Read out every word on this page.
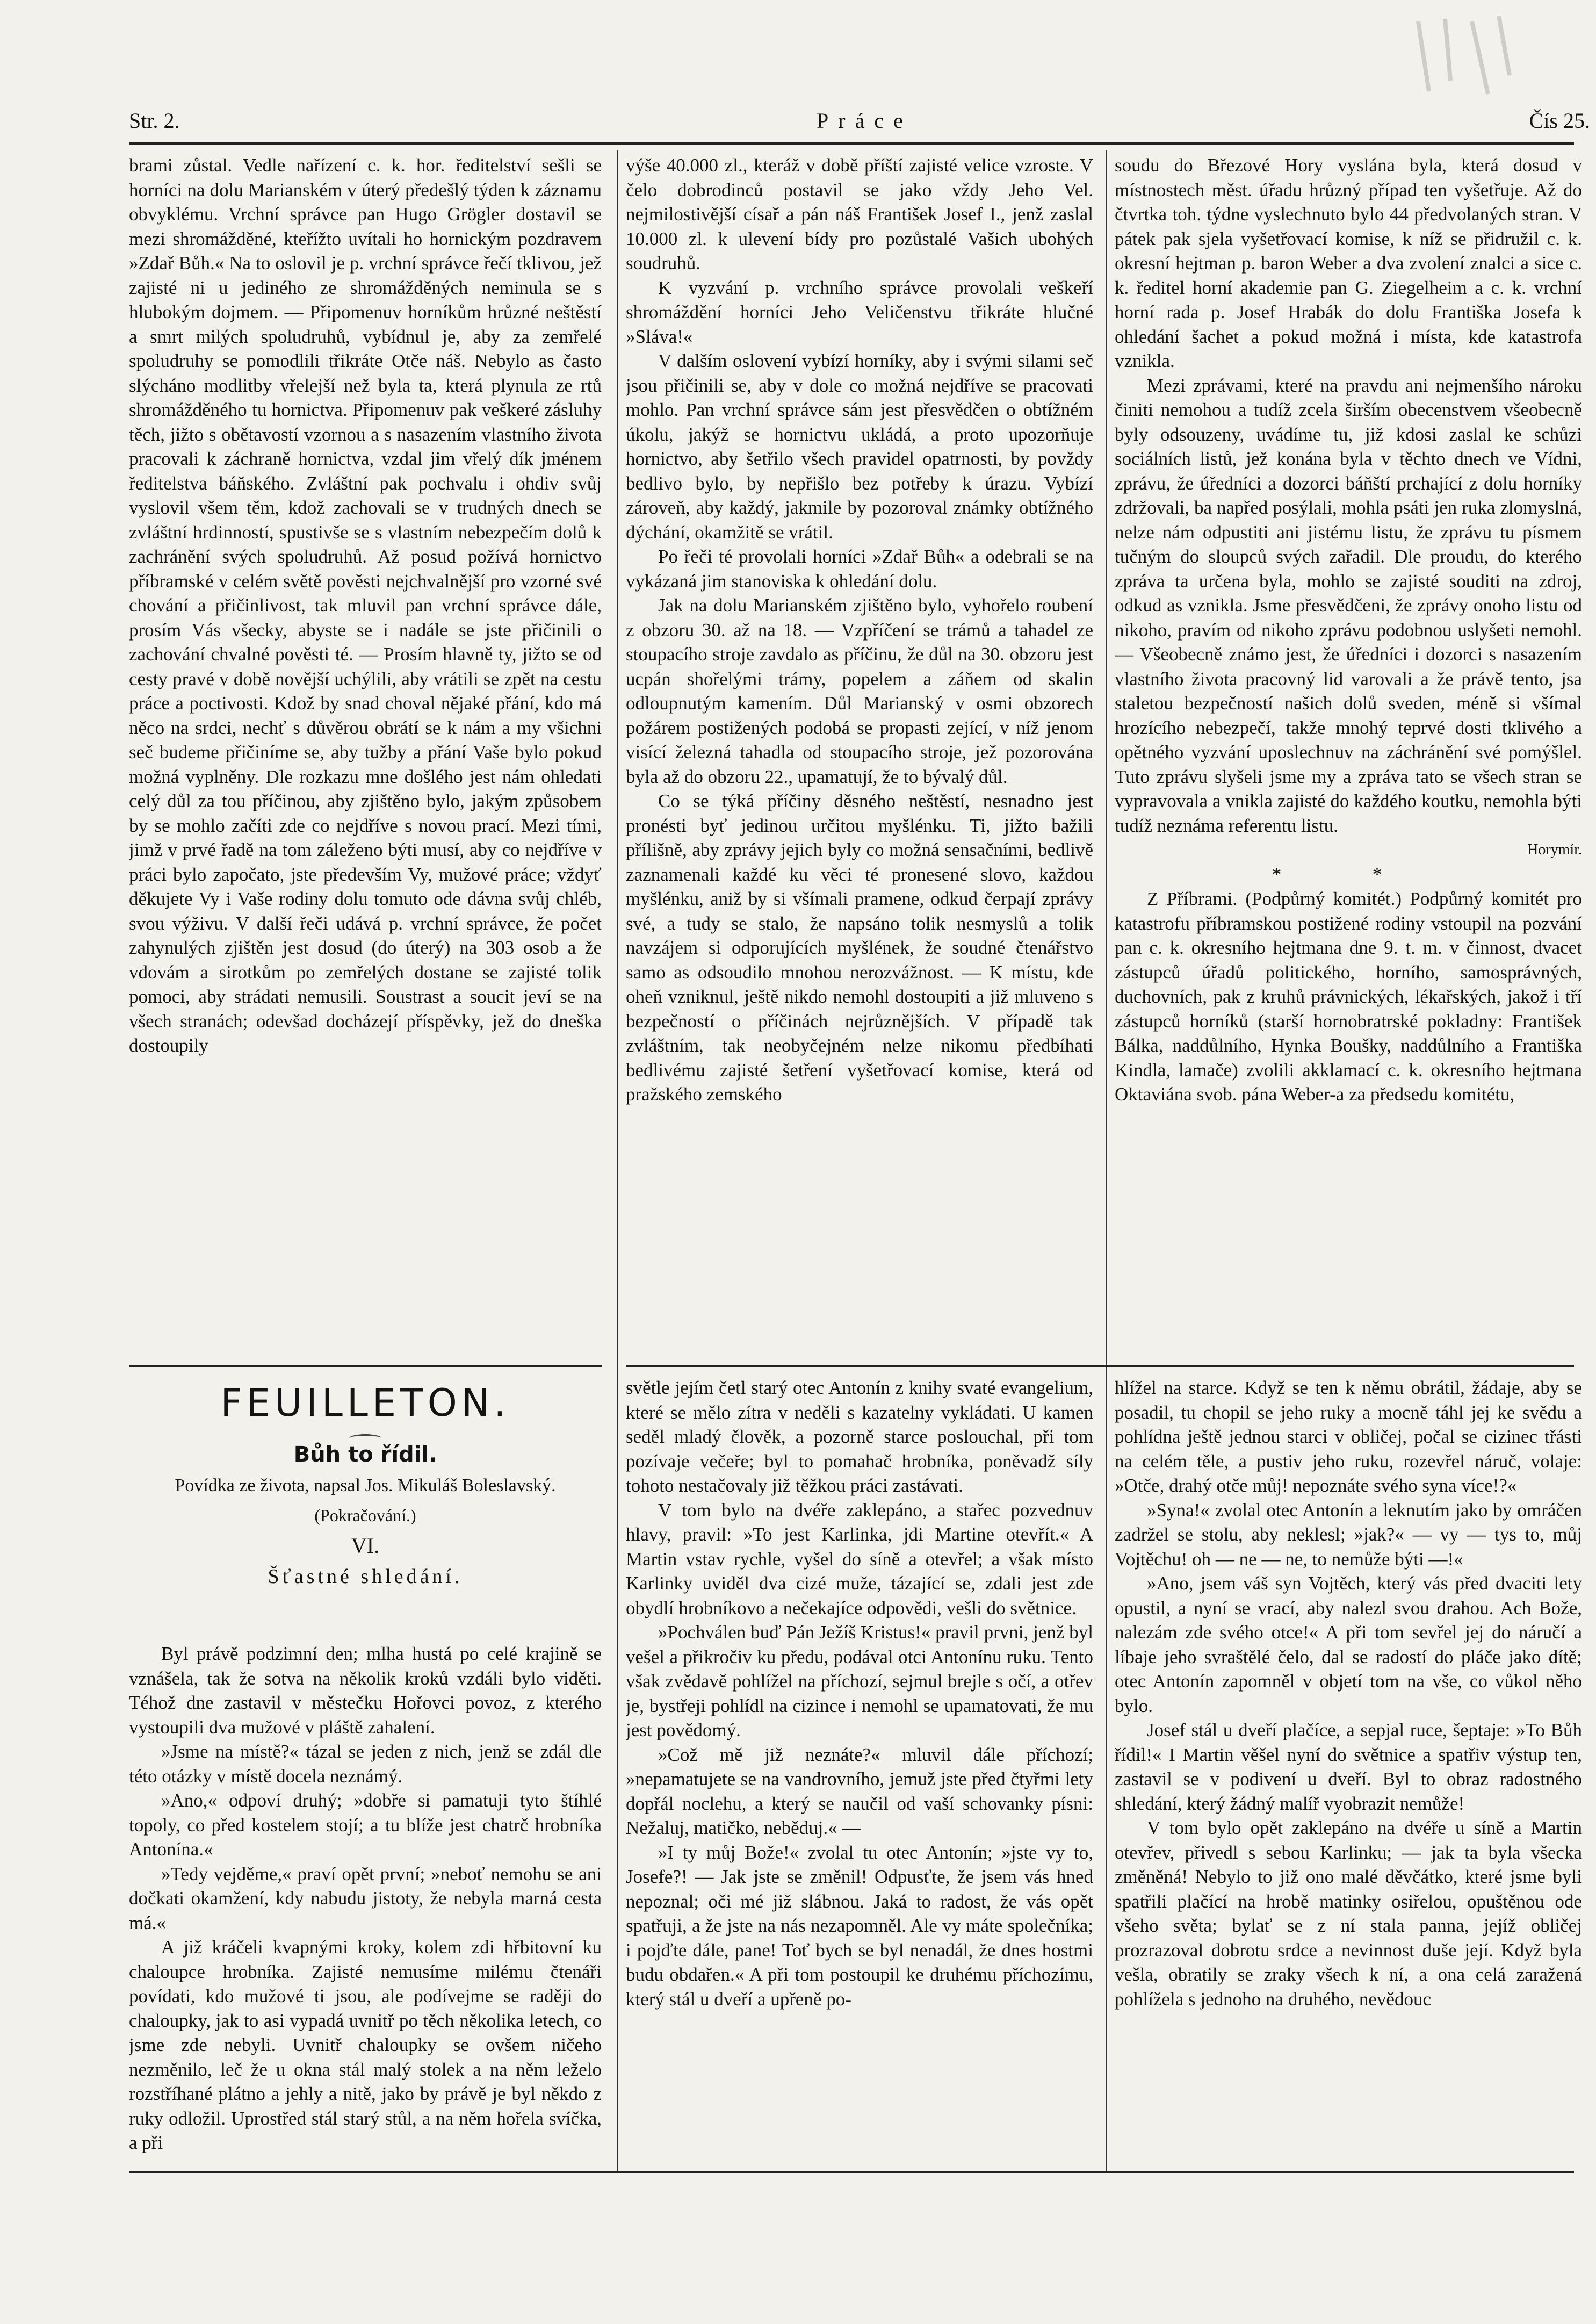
Str. 2.	Práce	Čís 25.

brami zůstal. Vedle nařízení c. k. hor. ředitelství sešli se horníci na dolu Marianském v úterý předešlý týden k záznamu obvyklému. Vrchní správce pan Hugo Grögler dostavil se mezi shromážděné, kteřížto uvítali ho hornickým pozdravem »Zdař Bůh.« Na to oslovil je p. vrchní správce řečí tklivou, jež zajisté ni u jediného ze shromážděných neminula se s hlubokým dojmem. — Připomenuv horníkům hrůzné neštěstí a smrt milých spoludruhů, vybídnul je, aby za zemřelé spoludruhy se pomodlili třikráte Otče náš. Nebylo as často slýcháno modlitby vřelejší než byla ta, která plynula ze rtů shromážděného tu hornictva. Připomenuv pak veškeré zásluhy těch, jižto s obětavostí vzornou a s nasazením vlastního života pracovali k záchraně hornictva, vzdal jim vřelý dík jménem ředitelstva báňského. Zvláštní pak pochvalu i ohdiv svůj vyslovil všem těm, kdož zachovali se v trudných dnech se zvláštní hrdinností, spustivše se s vlastním nebezpečím dolů k zachránění svých spoludruhů. Až posud požívá hornictvo příbramské v celém světě pověsti nejchvalnější pro vzorné své chování a přičinlivost, tak mluvil pan vrchní správce dále, prosím Vás všecky, abyste se i nadále se jste přičinili o zachování chvalné pověsti té. — Prosím hlavně ty, jižto se od cesty pravé v době novější uchýlili, aby vrátili se zpět na cestu práce a poctivosti. Kdož by snad choval nějaké přání, kdo má něco na srdci, nechť s důvěrou obrátí se k nám a my všichni seč budeme přičiníme se, aby tužby a přání Vaše bylo pokud možná vyplněny. Dle rozkazu mne došlého jest nám ohledati celý důl za tou příčinou, aby zjištěno bylo, jakým způsobem by se mohlo začíti zde co nejdříve s novou prací. Mezi tími, jimž v prvé řadě na tom záleženo býti musí, aby co nejdříve v práci bylo započato, jste především Vy, mužové práce; vždyť děkujete Vy i Vaše rodiny dolu tomuto ode dávna svůj chléb, svou výživu. V další řeči udává p. vrchní správce, že počet zahynulých zjištěn jest dosud (do úterý) na 303 osob a že vdovám a sirotkům po zemřelých dostane se zajisté tolik pomoci, aby strádati nemusili. Soustrast a soucit jeví se na všech stranách; odevšad docházejí příspěvky, jež do dneška dostoupily

FEUILLETON.
Bůh to řídil.
Povídka ze života, napsal Jos. Mikuláš Boleslavský.
(Pokračování.)
VI.
Šťastné shledání.

Byl právě podzimní den; mlha hustá po celé krajině se vznášela, tak že sotva na několik kroků vzdáli bylo viděti. Téhož dne zastavil v městečku Hořovci povoz, z kterého vystoupili dva mužové v pláště zahalení.

»Jsme na místě?« tázal se jeden z nich, jenž se zdál dle této otázky v místě docela neznámý.

»Ano,« odpoví druhý; »dobře si pamatuji tyto štíhlé topoly, co před kostelem stojí; a tu blíže jest chatrč hrobníka Antonína.«

»Tedy vejděme,« praví opět první; »neboť nemohu se ani dočkati okamžení, kdy nabudu jistoty, že nebyla marná cesta má.«

A již kráčeli kvapnými kroky, kolem zdi hřbitovní ku chaloupce hrobníka. Zajisté nemusíme milému čtenáři povídati, kdo mužové ti jsou, ale podívejme se raději do chaloupky, jak to asi vypadá uvnitř po těch několika letech, co jsme zde nebyli. Uvnitř chaloupky se ovšem ničeho nezměnilo, leč že u okna stál malý stolek a na něm leželo rozstříhané plátno a jehly a nitě, jako by právě je byl někdo z ruky odložil. Uprostřed stál starý stůl, a na něm hořela svíčka, a při

výše 40.000 zl., kteráž v době příští zajisté velice vzroste. V čelo dobrodinců postavil se jako vždy Jeho Vel. nejmilostivější císař a pán náš František Josef I., jenž zaslal 10.000 zl. k ulevení bídy pro pozůstalé Vašich ubohých soudruhů.

K vyzvání p. vrchního správce provolali veškeří shromáždění horníci Jeho Veličenstvu třikráte hlučné »Sláva!«

V dalším oslovení vybízí horníky, aby i svými silami seč jsou přičinili se, aby v dole co možná nejdříve se pracovati mohlo. Pan vrchní správce sám jest přesvědčen o obtížném úkolu, jakýž se hornictvu ukládá, a proto upozorňuje hornictvo, aby šetřilo všech pravidel opatrnosti, by povždy bedlivo bylo, by nepřišlo bez potřeby k úrazu. Vybízí zároveň, aby každý, jakmile by pozoroval známky obtížného dýchání, okamžitě se vrátil.

Po řeči té provolali horníci »Zdař Bůh« a odebrali se na vykázaná jim stanoviska k ohledání dolu.

Jak na dolu Marianském zjištěno bylo, vyhořelo roubení z obzoru 30. až na 18. — Vzpříčení se trámů a tahadel ze stoupacího stroje zavdalo as příčinu, že důl na 30. obzoru jest ucpán shořelými trámy, popelem a záňem od skalin odloupnutým kamením. Důl Marianský v osmi obzorech požárem postižených podobá se propasti zející, v níž jenom visící železná tahadla od stoupacího stroje, jež pozorována byla až do obzoru 22., upamatují, že to bývalý důl.

Co se týká příčiny děsného neštěstí, nesnadno jest pronésti byť jedinou určitou myšlénku. Ti, jižto bažili přílišně, aby zprávy jejich byly co možná sensačními, bedlivě zaznamenali každé ku věci té pronesené slovo, každou myšlénku, aniž by si všímali pramene, odkud čerpají zprávy své, a tudy se stalo, že napsáno tolik nesmyslů a tolik navzájem si odporujících myšlének, že soudné čtenářstvo samo as odsoudilo mnohou nerozvážnost. — K místu, kde oheň vzniknul, ještě nikdo nemohl dostoupiti a již mluveno s bezpečností o příčinách nejrůznějších. V případě tak zvláštním, tak neobyčejném nelze nikomu předbíhati bedlivému zajisté šetření vyšetřovací komise, která od pražského zemského

soudu do Březové Hory vyslána byla, která dosud v místnostech měst. úřadu hrůzný případ ten vyšetřuje. Až do čtvrtka toh. týdne vyslechnuto bylo 44 předvolaných stran. V pátek pak sjela vyšetřovací komise, k níž se přidružil c. k. okresní hejtman p. baron Weber a dva zvolení znalci a sice c. k. ředitel horní akademie pan G. Ziegelheim a c. k. vrchní horní rada p. Josef Hrabák do dolu Františka Josefa k ohledání šachet a pokud možná i místa, kde katastrofa vznikla.

Mezi zprávami, které na pravdu ani nejmenšího nároku činiti nemohou a tudíž zcela širším obecenstvem všeobecně byly odsouzeny, uvádíme tu, již kdosi zaslal ke schůzi sociálních listů, jež konána byla v těchto dnech ve Vídni, zprávu, že úředníci a dozorci báňští prchající z dolu horníky zdržovali, ba napřed posýlali, mohla psáti jen ruka zlomyslná, nelze nám odpustiti ani jistému listu, že zprávu tu písmem tučným do sloupců svých zařadil. Dle proudu, do kterého zpráva ta určena byla, mohlo se zajisté souditi na zdroj, odkud as vznikla. Jsme přesvědčeni, že zprávy onoho listu od nikoho, pravím od nikoho zprávu podobnou uslyšeti nemohl. — Všeobecně známo jest, že úředníci i dozorci s nasazením vlastního života pracovný lid varovali a že právě tento, jsa staletou bezpečností našich dolů sveden, méně si všímal hrozícího nebezpečí, takže mnohý teprvé dosti tklivého a opětného vyzvání uposlechnuv na záchránění své pomýšlel. Tuto zprávu slyšeli jsme my a zpráva tato se všech stran se vypravovala a vnikla zajisté do každého koutku, nemohla býti tudíž neznáma referentu listu.

Horymír.

* *

Z Příbrami. (Podpůrný komitét.) Podpůrný komitét pro katastrofu příbramskou postižené rodiny vstoupil na pozvání pan c. k. okresního hejtmana dne 9. t. m. v činnost, dvacet zástupců úřadů politického, horního, samosprávných, duchovních, pak z kruhů právnických, lékařských, jakož i tří zástupců horníků (starší hornobratrské pokladny: František Bálka, naddůlního, Hynka Boušky, naddůlního a Františka Kindla, lamače) zvolili akklamací c. k. okresního hejtmana Oktaviána svob. pána Weber-a za předsedu komitétu,

světle jejím četl starý otec Antonín z knihy svaté evangelium, které se mělo zítra v neděli s kazatelny vykládati. U kamen seděl mladý člověk, a pozorně starce poslouchal, při tom pozívaje večeře; byl to pomahač hrobníka, poněvadž síly tohoto nestačovaly již těžkou práci zastávati.

V tom bylo na dvéře zaklepáno, a stařec pozvednuv hlavy, pravil: »To jest Karlinka, jdi Martine otevřít.« A Martin vstav rychle, vyšel do síně a otevřel; a však místo Karlinky uviděl dva cizé muže, tázající se, zdali jest zde obydlí hrobníkovo a nečekajíce odpovědi, vešli do světnice.

»Pochválen buď Pán Ježíš Kristus!« pravil prvni, jenž byl vešel a přikročiv ku předu, podával otci Antonínu ruku. Tento však zvědavě pohlížel na příchozí, sejmul brejle s očí, a otřev je, bystřeji pohlídl na cizince i nemohl se upamatovati, že mu jest povědomý.

»Což mě již neznáte?« mluvil dále příchozí; »nepamatujete se na vandrovního, jemuž jste před čtyřmi lety dopřál noclehu, a který se naučil od vaší schovanky písni: Nežaluj, matičko, neběduj.« —

»I ty můj Bože!« zvolal tu otec Antonín; »jste vy to, Josefe?! — Jak jste se změnil! Odpusťte, že jsem vás hned nepoznal; oči mé již slábnou. Jaká to radost, že vás opět spatřuji, a že jste na nás nezapomněl. Ale vy máte společníka; i pojďte dále, pane! Toť bych se byl nenadál, že dnes hostmi budu obdařen.« A při tom postoupil ke druhému příchozímu, který stál u dveří a upřeně po-

hlížel na starce. Když se ten k němu obrátil, žádaje, aby se posadil, tu chopil se jeho ruky a mocně táhl jej ke svědu a pohlídna ještě jednou starci v obličej, počal se cizinec třásti na celém těle, a pustiv jeho ruku, rozevřel náruč, volaje: »Otče, drahý otče můj! nepoznáte svého syna více!?«

»Syna!« zvolal otec Antonín a leknutím jako by omráčen zadržel se stolu, aby neklesl; »jak?« — vy — tys to, můj Vojtěchu! oh — ne — ne, to nemůže býti —!«

»Ano, jsem váš syn Vojtěch, který vás před dvaciti lety opustil, a nyní se vrací, aby nalezl svou drahou. Ach Bože, nalezám zde svého otce!« A při tom sevřel jej do náručí a líbaje jeho svraštělé čelo, dal se radostí do pláče jako dítě; otec Antonín zapomněl v objetí tom na vše, co vůkol něho bylo.

Josef stál u dveří plačíce, a sepjal ruce, šeptaje: »To Bůh řídil!« I Martin věšel nyní do světnice a spatřiv výstup ten, zastavil se v podivení u dveří. Byl to obraz radostného shledání, který žádný malíř vyobrazit nemůže!

V tom bylo opět zaklepáno na dvéře u síně a Martin otevřev, přivedl s sebou Karlinku; — jak ta byla všecka změněná! Nebylo to již ono malé děvčátko, které jsme byli spatřili plačící na hrobě matinky osiřelou, opuštěnou ode všeho světa; bylať se z ní stala panna, jejíž obličej prozrazoval dobrotu srdce a nevinnost duše její. Když byla vešla, obratily se zraky všech k ní, a ona celá zaražená pohlížela s jednoho na druhého, nevědouc
